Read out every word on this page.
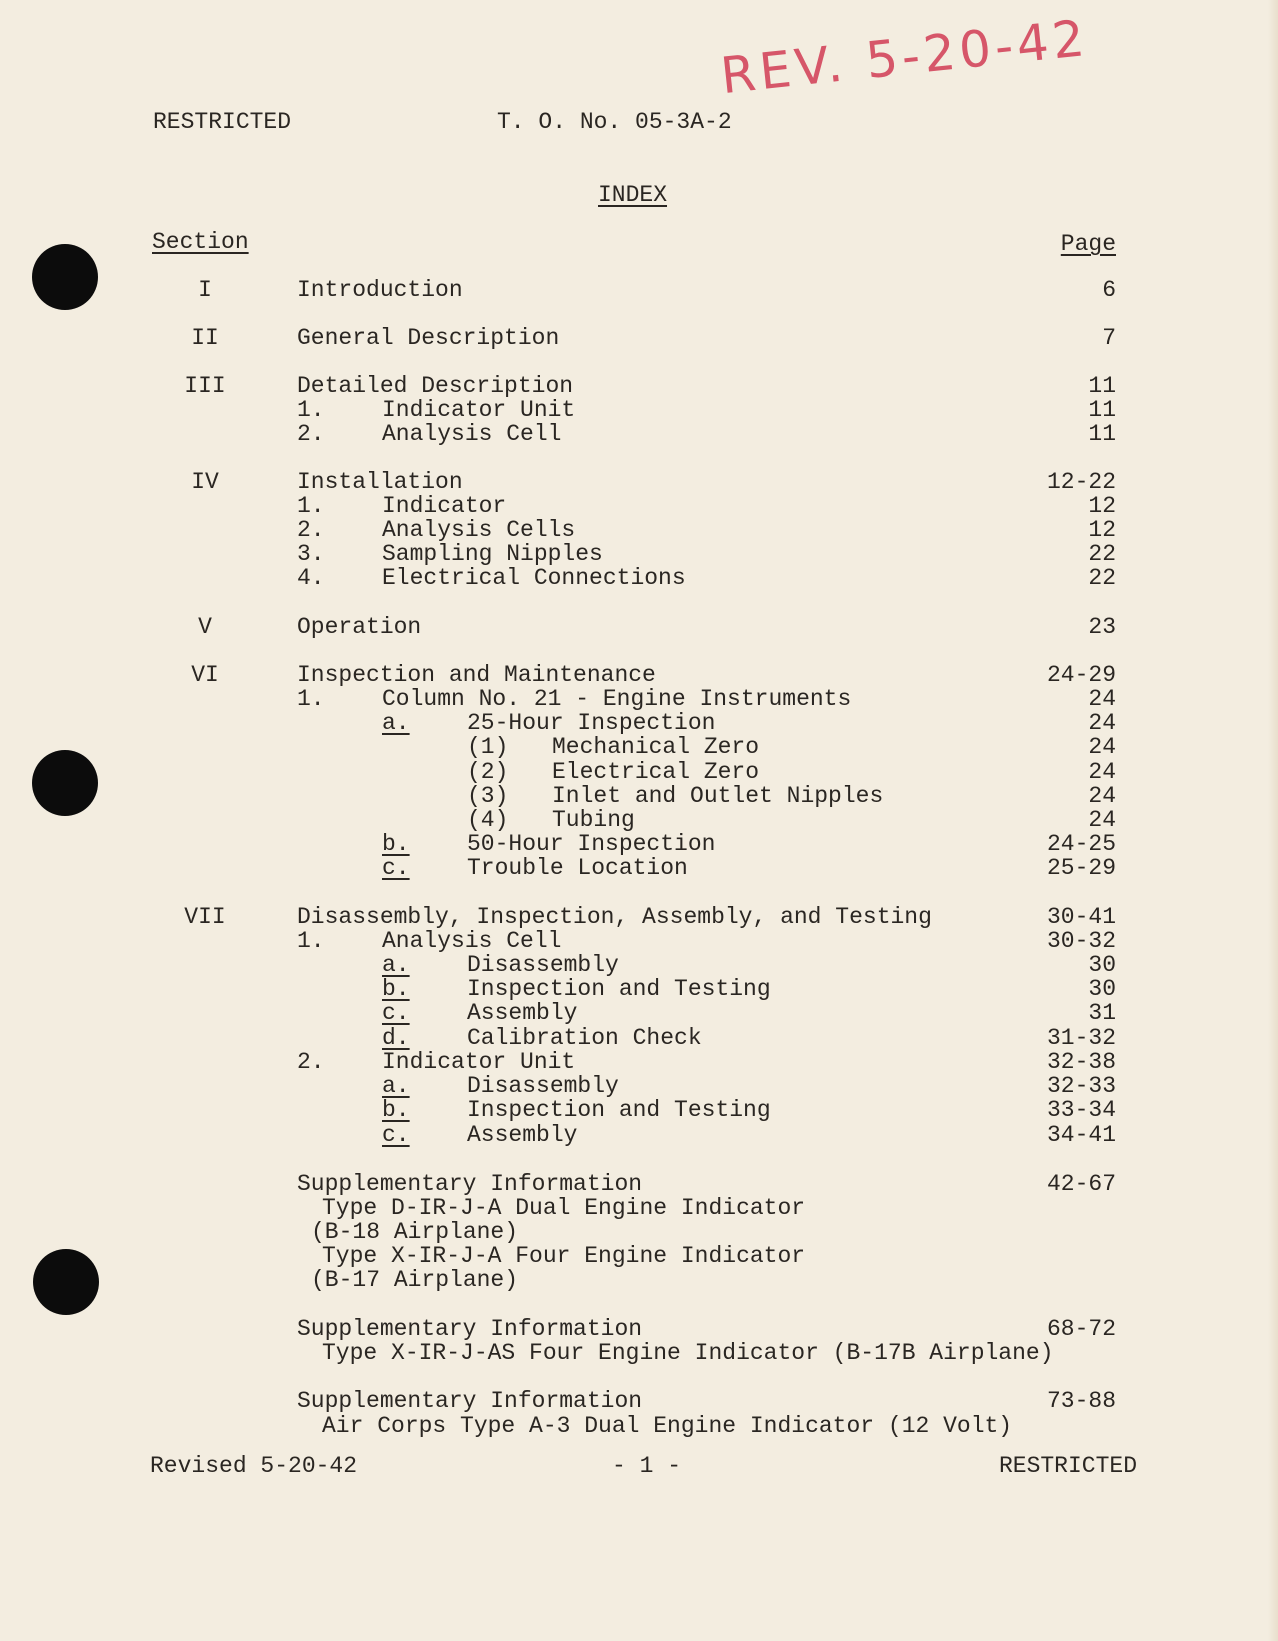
REV. 5-20-42
RESTRICTED	T. O. No. 05-3A-2
INDEX
Section	Page
I	Introduction	6
II	General Description	7
III	Detailed Description	11
1. Indicator Unit	11
2. Analysis Cell	11
IV	Installation	12-22
1. Indicator	12
2. Analysis Cells	12
3. Sampling Nipples	22
4. Electrical Connections	22
V	Operation	23
VI	Inspection and Maintenance	24-29
1. Column No. 21 - Engine Instruments	24
a. 25-Hour Inspection	24
(1) Mechanical Zero	24
(2) Electrical Zero	24
(3) Inlet and Outlet Nipples	24
(4) Tubing	24
b. 50-Hour Inspection	24-25
c. Trouble Location	25-29
VII	Disassembly, Inspection, Assembly, and Testing	30-41
1. Analysis Cell	30-32
a. Disassembly	30
b. Inspection and Testing	30
c. Assembly	31
d. Calibration Check	31-32
2. Indicator Unit	32-38
a. Disassembly	32-33
b. Inspection and Testing	33-34
c. Assembly	34-41
Supplementary Information	42-67
Type D-IR-J-A Dual Engine Indicator
(B-18 Airplane)
Type X-IR-J-A Four Engine Indicator
(B-17 Airplane)
Supplementary Information	68-72
Type X-IR-J-AS Four Engine Indicator (B-17B Airplane)
Supplementary Information	73-88
Air Corps Type A-3 Dual Engine Indicator (12 Volt)
Revised 5-20-42	- 1 -	RESTRICTED
